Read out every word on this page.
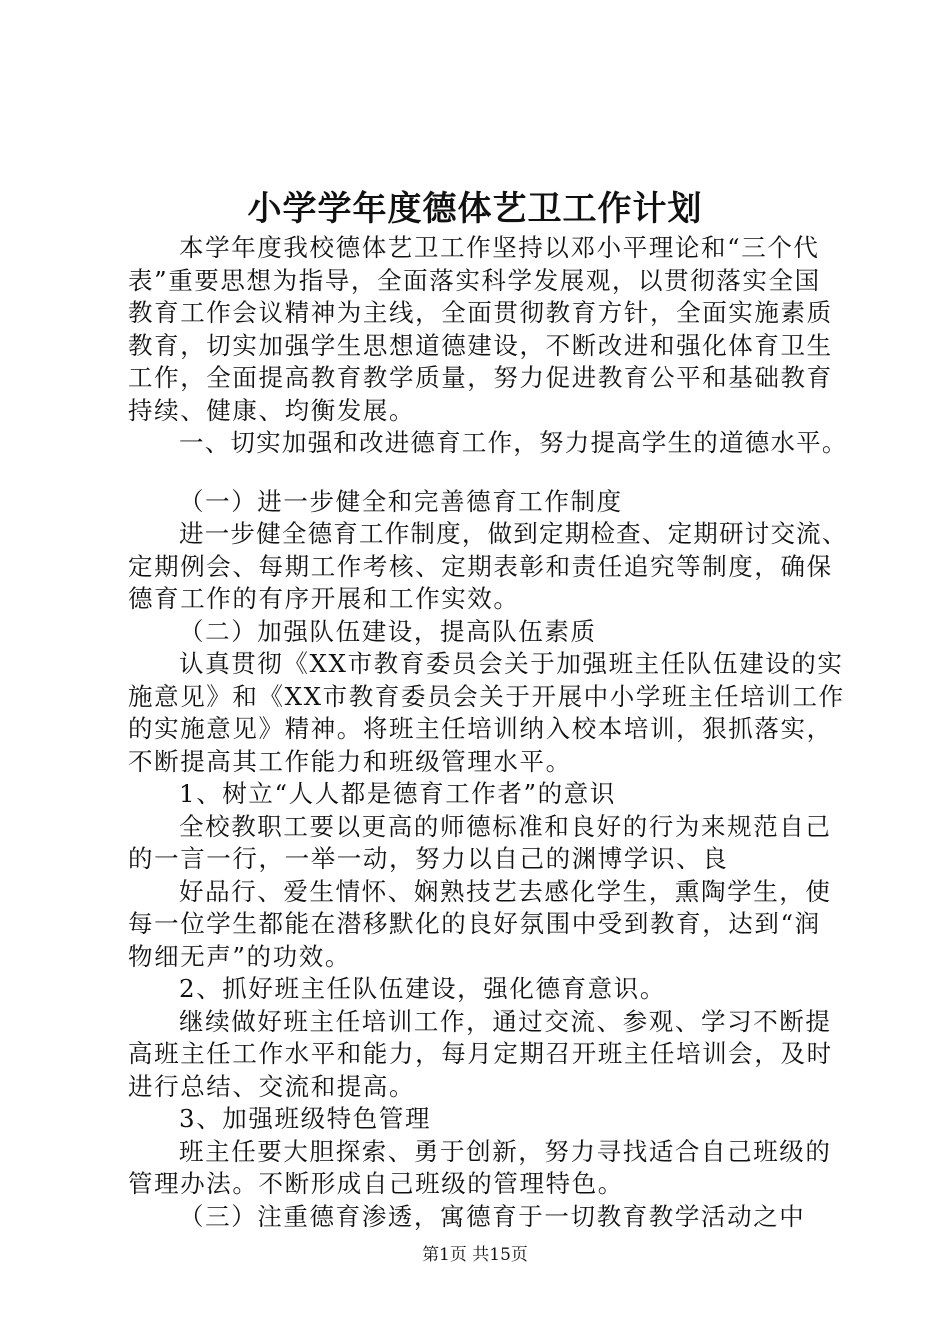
小学学年度德体艺卫工作计划
本学年度我校德体艺卫工作坚持以邓小平理论和“三个代
表”重要思想为指导，全面落实科学发展观，以贯彻落实全国
教育工作会议精神为主线，全面贯彻教育方针，全面实施素质
教育，切实加强学生思想道德建设，不断改进和强化体育卫生
工作，全面提高教育教学质量，努力促进教育公平和基础教育
持续、健康、均衡发展。
一、切实加强和改进德育工作，努力提高学生的道德水平。
（一）进一步健全和完善德育工作制度
进一步健全德育工作制度，做到定期检查、定期研讨交流、
定期例会、每期工作考核、定期表彰和责任追究等制度，确保
德育工作的有序开展和工作实效。
（二）加强队伍建设，提高队伍素质
认真贯彻《XX市教育委员会关于加强班主任队伍建设的实
施意见》和《XX市教育委员会关于开展中小学班主任培训工作
的实施意见》精神。将班主任培训纳入校本培训，狠抓落实，
不断提高其工作能力和班级管理水平。
1、树立“人人都是德育工作者”的意识
全校教职工要以更高的师德标准和良好的行为来规范自己
的一言一行，一举一动，努力以自己的渊博学识、良
好品行、爱生情怀、娴熟技艺去感化学生，熏陶学生，使
每一位学生都能在潜移默化的良好氛围中受到教育，达到“润
物细无声”的功效。
2、抓好班主任队伍建设，强化德育意识。
继续做好班主任培训工作，通过交流、参观、学习不断提
高班主任工作水平和能力，每月定期召开班主任培训会，及时
进行总结、交流和提高。
3、加强班级特色管理
班主任要大胆探索、勇于创新，努力寻找适合自己班级的
管理办法。不断形成自己班级的管理特色。
（三）注重德育渗透，寓德育于一切教育教学活动之中
第1页 共15页
